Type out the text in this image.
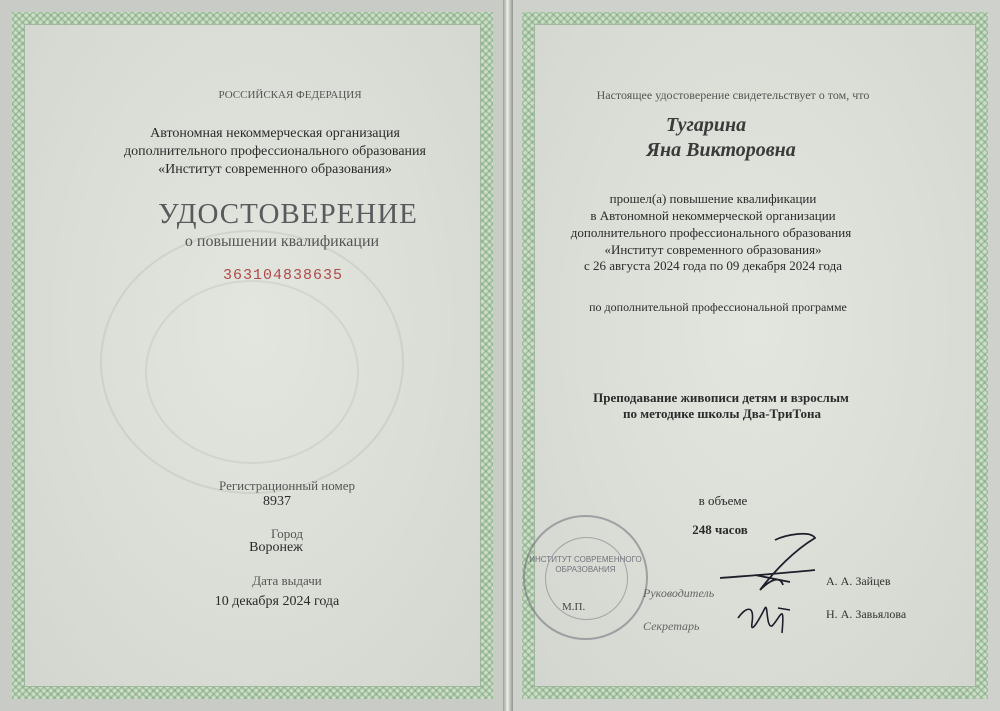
РОССИЙСКАЯ ФЕДЕРАЦИЯ
Автономная некоммерческая организация
дополнительного профессионального образования
«Институт современного образования»
УДОСТОВЕРЕНИЕ
о повышении квалификации
363104838635
Регистрационный номер
8937
Город
Воронеж
Дата выдачи
10 декабря 2024 года
Настоящее удостоверение свидетельствует о том, что
Тугарина
Яна Викторовна
прошел(а) повышение квалификации
в Автономной некоммерческой организации
дополнительного профессионального образования
«Институт современного образования»
с 26 августа 2024 года по 09 декабря 2024 года
по дополнительной профессиональной программе
Преподавание живописи детям и взрослым
по методике школы Два-ТриТона
в объеме
248 часов
ИНСТИТУТ СОВРЕМЕННОГО ОБРАЗОВАНИЯ
М.П.
Руководитель
А. А. Зайцев
Секретарь
Н. А. Завьялова
